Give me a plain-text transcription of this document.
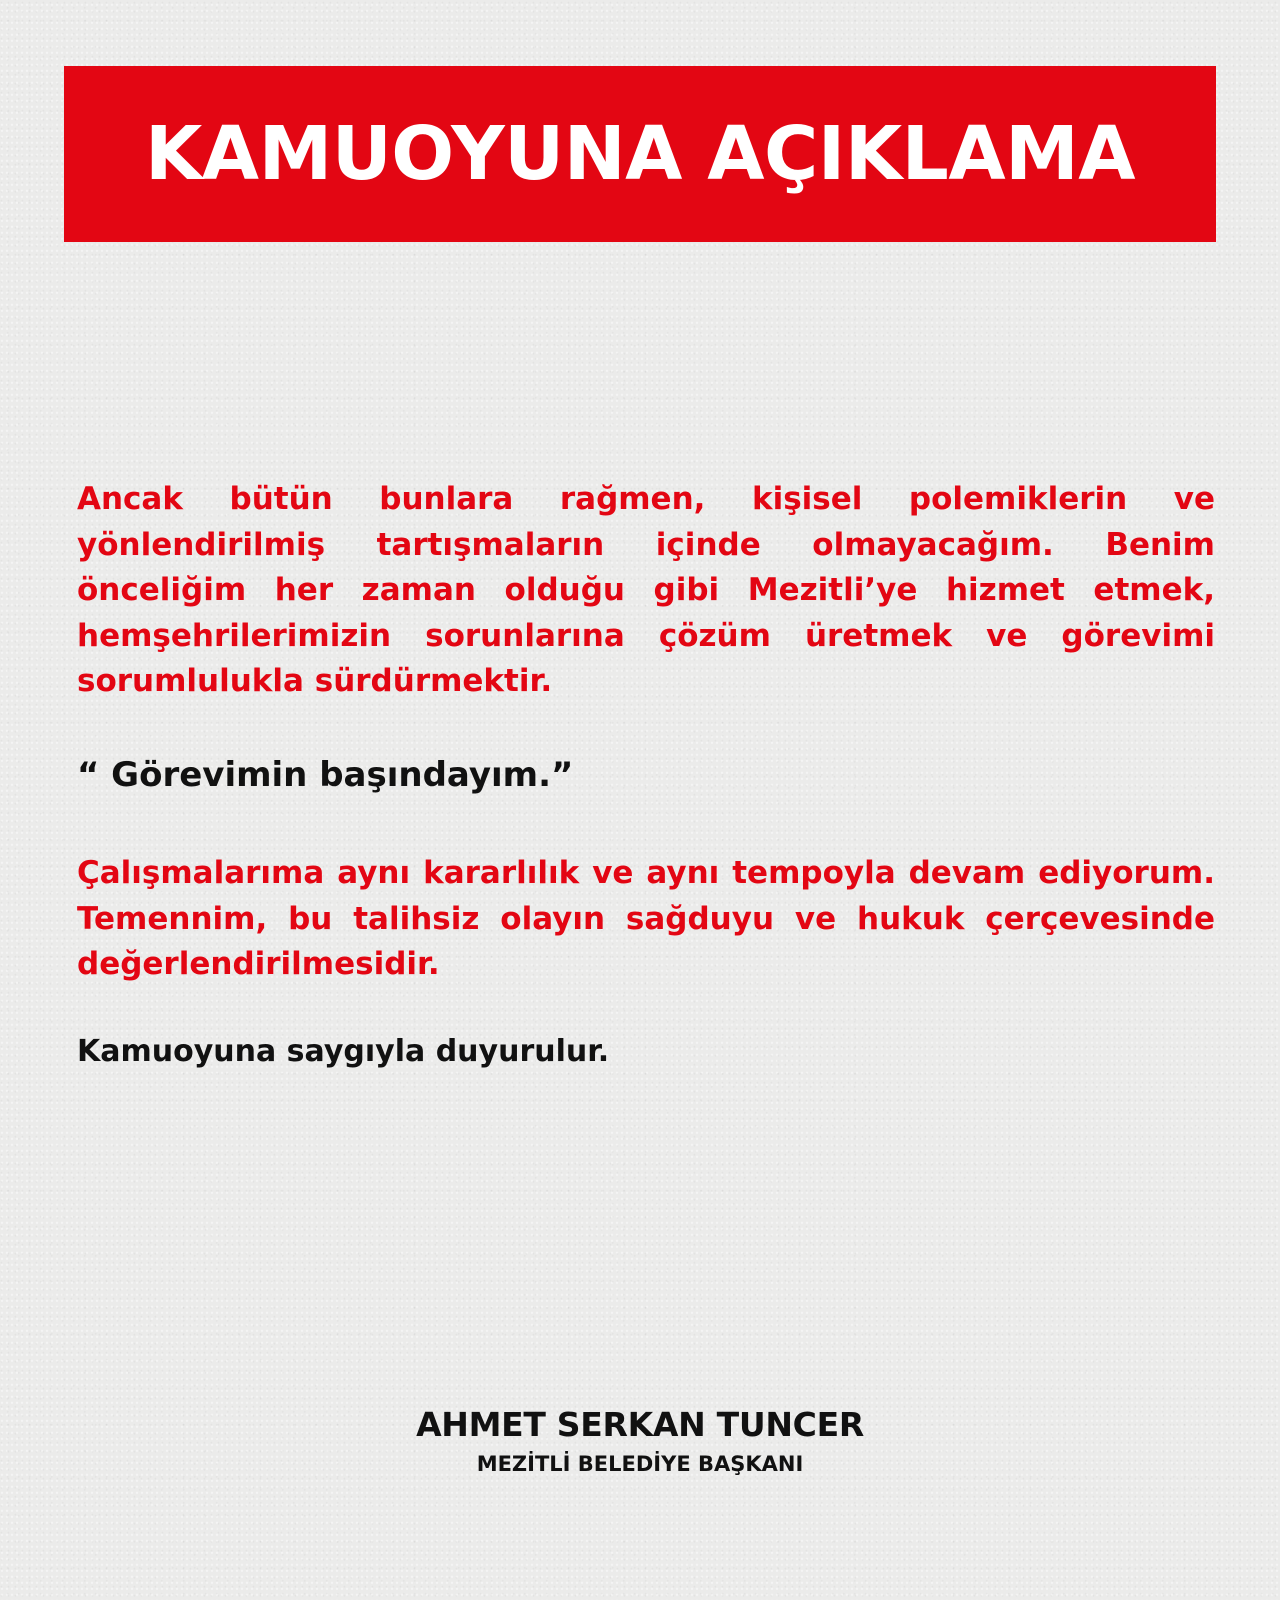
KAMUOYUNA AÇIKLAMA

Ancak bütün bunlara rağmen, kişisel polemiklerin ve yönlendirilmiş tartışmaların içinde olmayacağım. Benim önceliğim her zaman olduğu gibi Mezitli’ye hizmet etmek, hemşehrilerimizin sorunlarına çözüm üretmek ve görevimi sorumlulukla sürdürmektir.

“ Görevimin başındayım.”

Çalışmalarıma aynı kararlılık ve aynı tempoyla devam ediyorum. Temennim, bu talihsiz olayın sağduyu ve hukuk çerçevesinde değerlendirilmesidir.

Kamuoyuna saygıyla duyurulur.

AHMET SERKAN TUNCER
MEZİTLİ BELEDİYE BAŞKANI
